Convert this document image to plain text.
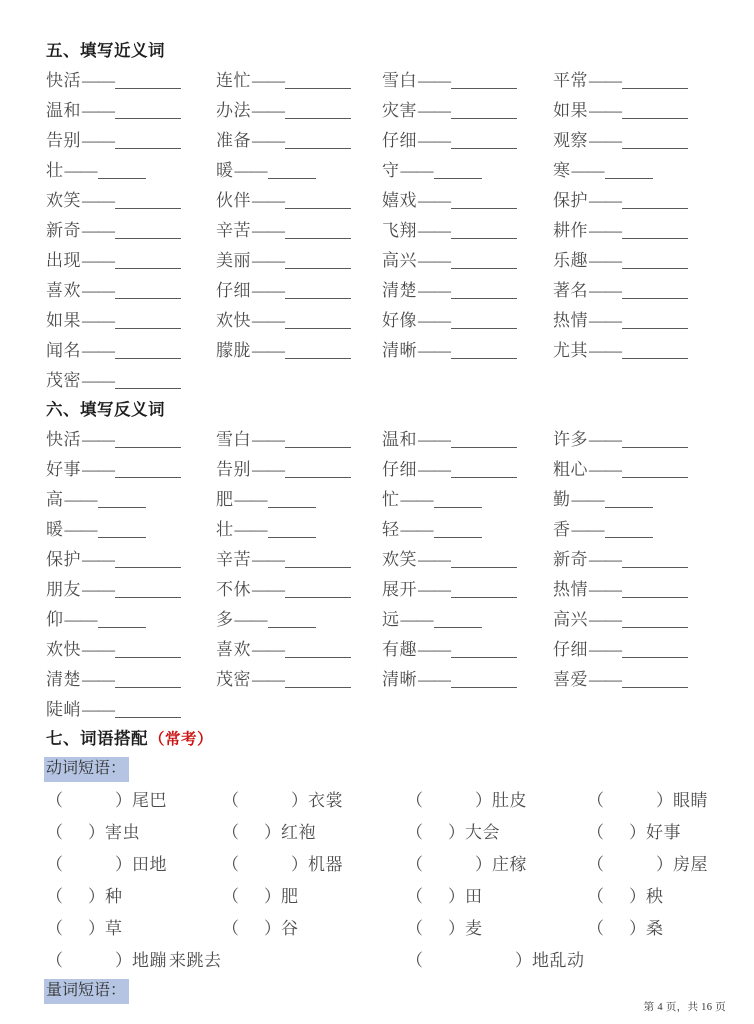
五、填写近义词
快活——	连忙——	雪白——	平常——
温和——	办法——	灾害——	如果——
告别——	准备——	仔细——	观察——
壮——	暖——	守——	寒——
欢笑——	伙伴——	嬉戏——	保护——
新奇——	辛苦——	飞翔——	耕作——
出现——	美丽——	高兴——	乐趣——
喜欢——	仔细——	清楚——	著名——
如果——	欢快——	好像——	热情——
闻名——	朦胧——	清晰——	尤其——
茂密——
六、填写反义词
快活——	雪白——	温和——	许多——
好事——	告别——	仔细——	粗心——
高——	肥——	忙——	勤——
暖——	壮——	轻——	香——
保护——	辛苦——	欢笑——	新奇——
朋友——	不休——	展开——	热情——
仰——	多——	远——	高兴——
欢快——	喜欢——	有趣——	仔细——
清楚——	茂密——	清晰——	喜爱——
陡峭——
七、词语搭配（常考）
动词短语：
（	）尾巴	（	）衣裳	（	）肚皮	（	）眼睛
（ ）害虫	（ ）红袍	（ ）大会	（ ）好事
（	）田地	（	）机器	（	）庄稼	（	）房屋
（ ）种	（ ）肥	（ ）田	（ ）秧
（ ）草	（ ）谷	（ ）麦	（ ）桑
（	）地蹦 来跳去	（	）地乱动
量词短语：
第 4 页，共 16 页
